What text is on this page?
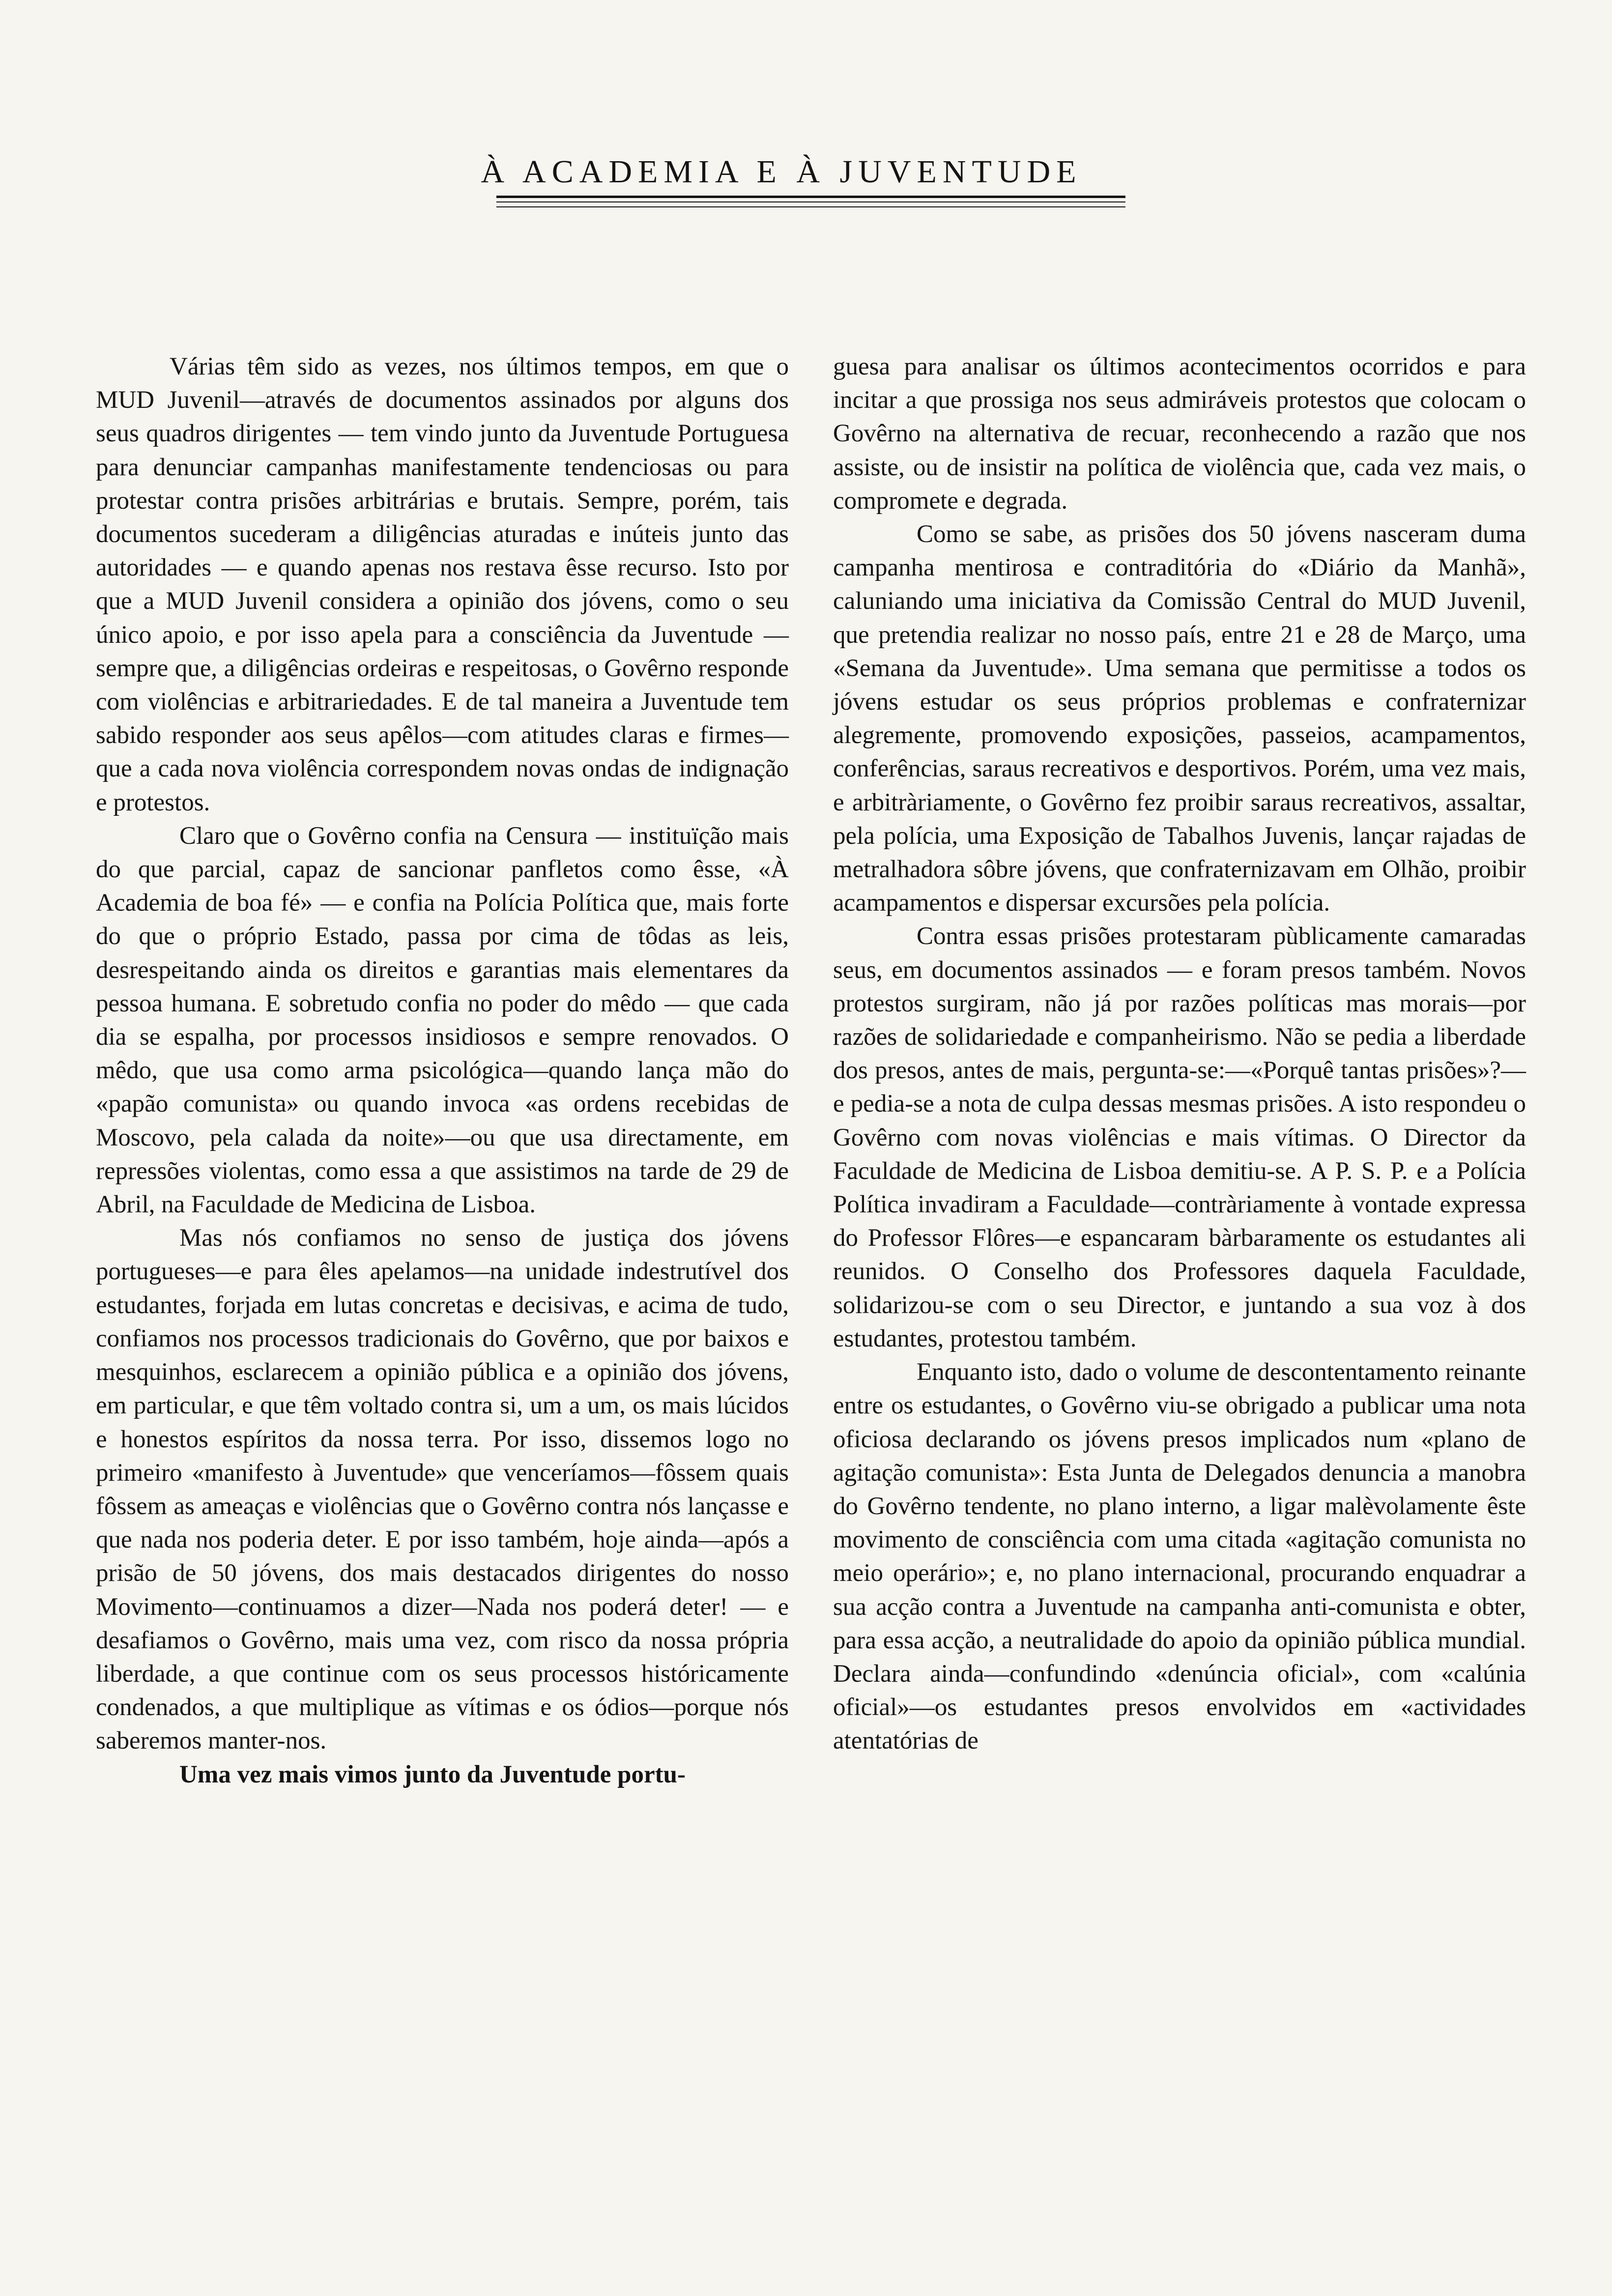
À ACADEMIA E À JUVENTUDE

Várias têm sido as vezes, nos últimos tempos, em que o MUD Juvenil—através de documentos assinados por alguns dos seus quadros dirigentes — tem vindo junto da Juventude Portuguesa para denunciar campanhas manifestamente tendenciosas ou para protestar contra prisões arbitrárias e brutais. Sempre, porém, tais documentos sucederam a diligências aturadas e inúteis junto das autoridades — e quando apenas nos restava êsse recurso. Isto por que a MUD Juvenil considera a opinião dos jóvens, como o seu único apoio, e por isso apela para a consciência da Juventude — sempre que, a diligências ordeiras e respeitosas, o Govêrno responde com violências e arbitrariedades. E de tal maneira a Juventude tem sabido responder aos seus apêlos—com atitudes claras e firmes—que a cada nova violência correspondem novas ondas de indignação e protestos.

Claro que o Govêrno confia na Censura — instituïção mais do que parcial, capaz de sancionar panfletos como êsse, «À Academia de boa fé» — e confia na Polícia Política que, mais forte do que o próprio Estado, passa por cima de tôdas as leis, desrespeitando ainda os direitos e garantias mais elementares da pessoa humana. E sobretudo confia no poder do mêdo — que cada dia se espalha, por processos insidiosos e sempre renovados. O mêdo, que usa como arma psicológica—quando lança mão do «papão comunista» ou quando invoca «as ordens recebidas de Moscovo, pela calada da noite»—ou que usa directamente, em repressões violentas, como essa a que assistimos na tarde de 29 de Abril, na Faculdade de Medicina de Lisboa.

Mas nós confiamos no senso de justiça dos jóvens portugueses—e para êles apelamos—na unidade indestrutível dos estudantes, forjada em lutas concretas e decisivas, e acima de tudo, confiamos nos processos tradicionais do Govêrno, que por baixos e mesquinhos, esclarecem a opinião pública e a opinião dos jóvens, em particular, e que têm voltado contra si, um a um, os mais lúcidos e honestos espíritos da nossa terra. Por isso, dissemos logo no primeiro «manifesto à Juventude» que venceríamos—fôssem quais fôssem as ameaças e violências que o Govêrno contra nós lançasse e que nada nos poderia deter. E por isso também, hoje ainda—após a prisão de 50 jóvens, dos mais destacados dirigentes do nosso Movimento—continuamos a dizer—Nada nos poderá deter! — e desafiamos o Govêrno, mais uma vez, com risco da nossa própria liberdade, a que continue com os seus processos históricamente condenados, a que multiplique as vítimas e os ódios—porque nós saberemos manter-nos.

Uma vez mais vimos junto da Juventude portu-

guesa para analisar os últimos acontecimentos ocorridos e para incitar a que prossiga nos seus admiráveis protestos que colocam o Govêrno na alternativa de recuar, reconhecendo a razão que nos assiste, ou de insistir na política de violência que, cada vez mais, o compromete e degrada.

Como se sabe, as prisões dos 50 jóvens nasceram duma campanha mentirosa e contraditória do «Diário da Manhã», caluniando uma iniciativa da Comissão Central do MUD Juvenil, que pretendia realizar no nosso país, entre 21 e 28 de Março, uma «Semana da Juventude». Uma semana que permitisse a todos os jóvens estudar os seus próprios problemas e confraternizar alegremente, promovendo exposições, passeios, acampamentos, conferências, saraus recreativos e desportivos. Porém, uma vez mais, e arbitràriamente, o Govêrno fez proibir saraus recreativos, assaltar, pela polícia, uma Exposição de Tabalhos Juvenis, lançar rajadas de metralhadora sôbre jóvens, que confraternizavam em Olhão, proibir acampamentos e dispersar excursões pela polícia.

Contra essas prisões protestaram pùblicamente camaradas seus, em documentos assinados — e foram presos também. Novos protestos surgiram, não já por razões políticas mas morais—por razões de solidariedade e companheirismo. Não se pedia a liberdade dos presos, antes de mais, pergunta-se:—«Porquê tantas prisões»?—e pedia-se a nota de culpa dessas mesmas prisões. A isto respondeu o Govêrno com novas violências e mais vítimas. O Director da Faculdade de Medicina de Lisboa demitiu-se. A P. S. P. e a Polícia Política invadiram a Faculdade—contràriamente à vontade expressa do Professor Flôres—e espancaram bàrbaramente os estudantes ali reunidos. O Conselho dos Professores daquela Faculdade, solidarizou-se com o seu Director, e juntando a sua voz à dos estudantes, protestou também.

Enquanto isto, dado o volume de descontentamento reinante entre os estudantes, o Govêrno viu-se obrigado a publicar uma nota oficiosa declarando os jóvens presos implicados num «plano de agitação comunista»: Esta Junta de Delegados denuncia a manobra do Govêrno tendente, no plano interno, a ligar malèvolamente êste movimento de consciência com uma citada «agitação comunista no meio operário»; e, no plano internacional, procurando enquadrar a sua acção contra a Juventude na campanha anti-comunista e obter, para essa acção, a neutralidade do apoio da opinião pública mundial. Declara ainda—confundindo «denúncia oficial», com «calúnia oficial»—os estudantes presos envolvidos em «actividades atentatórias de
